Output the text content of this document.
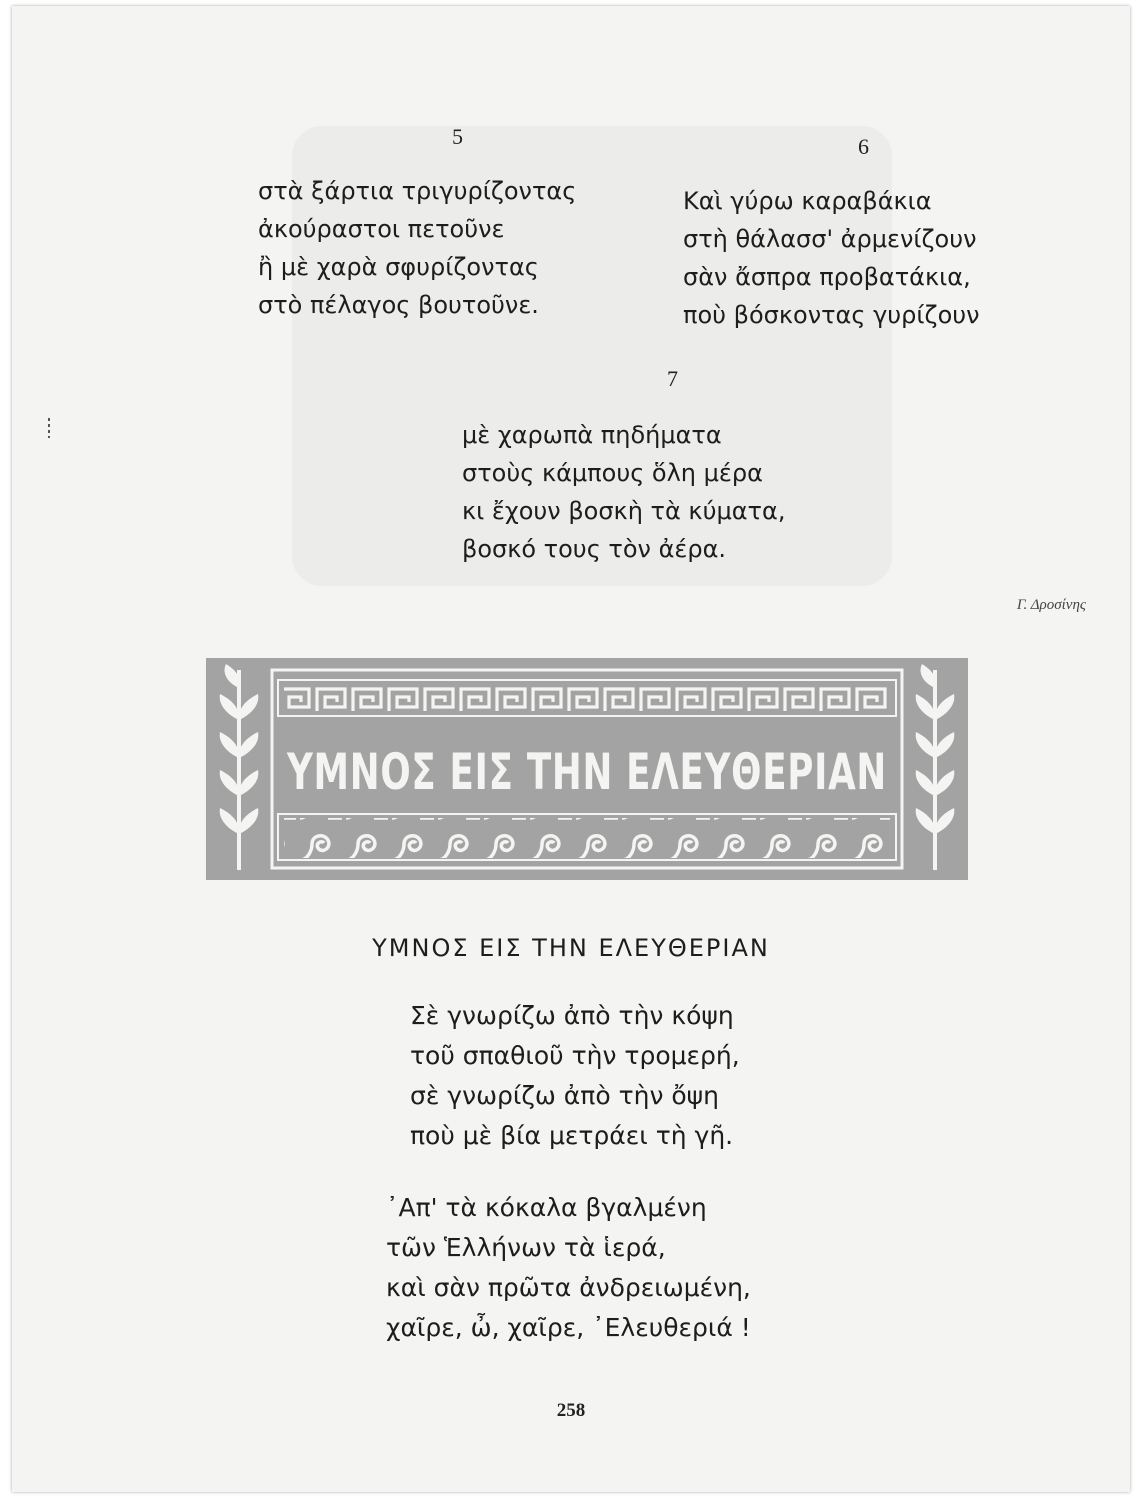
5
στὰ ξάρτια τριγυρίζοντας
ἀκούραστοι πετοῦνε
ἢ μὲ χαρὰ σφυρίζοντας
στὸ πέλαγος βουτοῦνε.
6
Καὶ γύρω καραβάκια
στὴ θάλασσ' ἀρμενίζουν
σὰν ἄσπρα προβατάκια,
ποὺ βόσκοντας γυρίζουν
7
μὲ χαρωπὰ πηδήματα
στοὺς κάμπους ὅλη μέρα
κι ἔχουν βοσκὴ τὰ κύματα,
βοσκό τους τὸν ἀέρα.
Γ. Δροσίνης
ΥΜΝΟΣ ΕΙΣ ΤΗΝ ΕΛΕΥΘΕΡΙΑΝ
ΥΜΝΟΣ ΕΙΣ ΤΗΝ ΕΛΕΥΘΕΡΙΑΝ
Σὲ γνωρίζω ἀπὸ τὴν κόψη
τοῦ σπαθιοῦ τὴν τρομερή,
σὲ γνωρίζω ἀπὸ τὴν ὄψη
ποὺ μὲ βία μετράει τὴ γῆ.
᾿Απ' τὰ κόκαλα βγαλμένη
τῶν Ἑλλήνων τὰ ἱερά,
καὶ σὰν πρῶτα ἀνδρειωμένη,
χαῖρε, ὦ, χαῖρε, ᾿Ελευθεριά !
258
